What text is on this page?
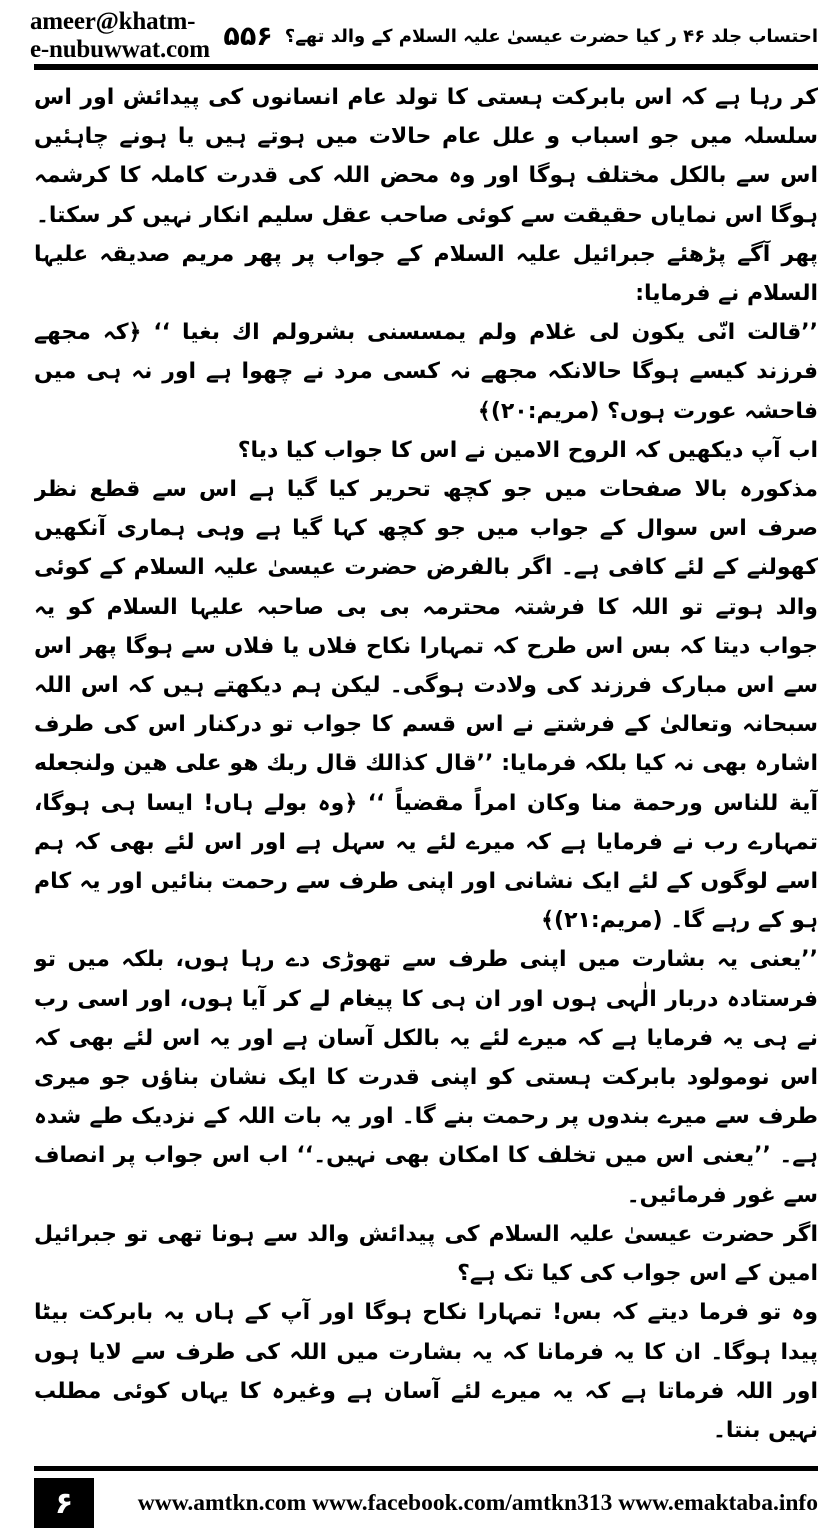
ameer@khatm-e-nubuwwat.com ۵۵۶ احتساب جلد ۴۶ ر کیا حضرت عیسیٰ علیہ السلام کے والد تھے؟

کر رہا ہے کہ اس بابرکت ہستی کا تولد عام انسانوں کی پیدائش اور اس سلسلہ میں جو اسباب و علل عام حالات میں ہوتے ہیں یا ہونے چاہئیں اس سے بالکل مختلف ہوگا اور وہ محض اللہ کی قدرت کاملہ کا کرشمہ ہوگا اس نمایاں حقیقت سے کوئی صاحب عقل سلیم انکار نہیں کر سکتا۔

پھر آگے پڑھئے جبرائیل علیہ السلام کے جواب پر پھر مریم صدیقہ علیہا السلام نے فرمایا:

’’قالت انّی یکون لی غلام ولم یمسسنی بشرولم اك بغیا ‘‘ ﴿کہ مجھے فرزند کیسے ہوگا حالانکہ مجھے نہ کسی مرد نے چھوا ہے اور نہ ہی میں فاحشہ عورت ہوں؟ (مریم:۲۰)﴾

اب آپ دیکھیں کہ الروح الامین نے اس کا جواب کیا دیا؟

مذکورہ بالا صفحات میں جو کچھ تحریر کیا گیا ہے اس سے قطع نظر صرف اس سوال کے جواب میں جو کچھ کہا گیا ہے وہی ہماری آنکھیں کھولنے کے لئے کافی ہے۔ اگر بالفرض حضرت عیسیٰ علیہ السلام کے کوئی والد ہوتے تو اللہ کا فرشتہ محترمہ بی بی صاحبہ علیہا السلام کو یہ جواب دیتا کہ بس اس طرح کہ تمہارا نکاح فلاں یا فلاں سے ہوگا پھر اس سے اس مبارک فرزند کی ولادت ہوگی۔ لیکن ہم دیکھتے ہیں کہ اس اللہ سبحانہ وتعالیٰ کے فرشتے نے اس قسم کا جواب تو درکنار اس کی طرف اشارہ بھی نہ کیا بلکہ فرمایا: ’’قال كذالك قال ربك هو على هين ولنجعله آية للناس ورحمة منا وكان امراً مقضياً ‘‘ ﴿وہ بولے ہاں! ایسا ہی ہوگا، تمہارے رب نے فرمایا ہے کہ میرے لئے یہ سہل ہے اور اس لئے بھی کہ ہم اسے لوگوں کے لئے ایک نشانی اور اپنی طرف سے رحمت بنائیں اور یہ کام ہو کے رہے گا۔ (مریم:۲۱)﴾

’’یعنی یہ بشارت میں اپنی طرف سے تھوڑی دے رہا ہوں، بلکہ میں تو فرستادہ دربار الٰہی ہوں اور ان ہی کا پیغام لے کر آیا ہوں، اور اسی رب نے ہی یہ فرمایا ہے کہ میرے لئے یہ بالکل آسان ہے اور یہ اس لئے بھی کہ اس نومولود بابرکت ہستی کو اپنی قدرت کا ایک نشان بناؤں جو میری طرف سے میرے بندوں پر رحمت بنے گا۔ اور یہ بات اللہ کے نزدیک طے شدہ ہے۔ ’’یعنی اس میں تخلف کا امکان بھی نہیں۔‘‘ اب اس جواب پر انصاف سے غور فرمائیں۔

اگر حضرت عیسیٰ علیہ السلام کی پیدائش والد سے ہونا تھی تو جبرائیل امین کے اس جواب کی کیا تک ہے؟

وہ تو فرما دیتے کہ بس! تمہارا نکاح ہوگا اور آپ کے ہاں یہ بابرکت بیٹا پیدا ہوگا۔ ان کا یہ فرمانا کہ یہ بشارت میں اللہ کی طرف سے لایا ہوں اور اللہ فرماتا ہے کہ یہ میرے لئے آسان ہے وغیرہ کا یہاں کوئی مطلب نہیں بنتا۔

۶	www.amtkn.com www.facebook.com/amtkn313 www.emaktaba.info
